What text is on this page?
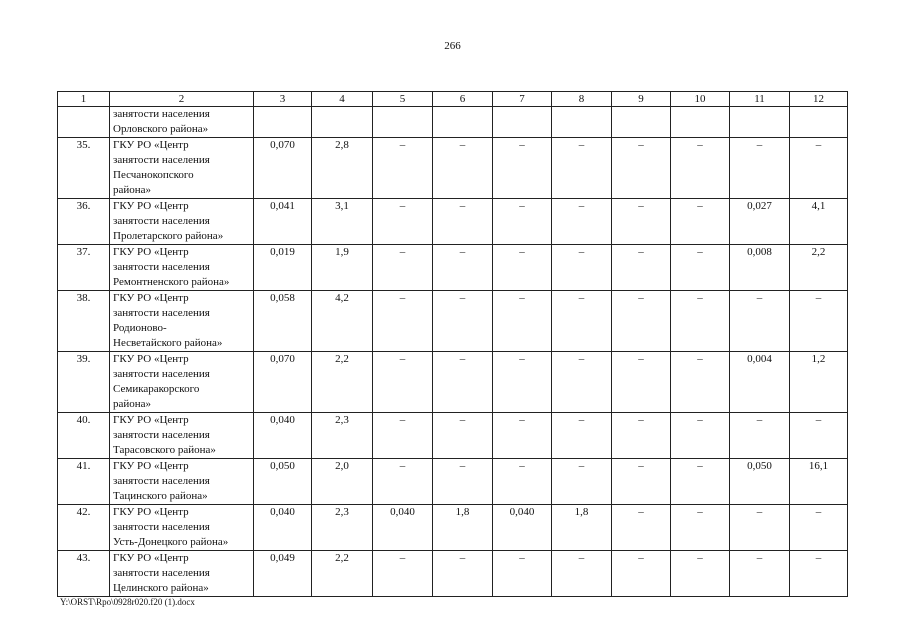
266
1	2	3	4	5	6	7	8	9	10	11	12
	занятости населения
Орловского района»										
35.	ГКУ РО «Центр
занятости населения
Песчанокопского
района»	0,070	2,8	–	–	–	–	–	–	–	–
36.	ГКУ РО «Центр
занятости населения
Пролетарского района»	0,041	3,1	–	–	–	–	–	–	0,027	4,1
37.	ГКУ РО «Центр
занятости населения
Ремонтненского района»	0,019	1,9	–	–	–	–	–	–	0,008	2,2
38.	ГКУ РО «Центр
занятости населения
Родионово-
Несветайского района»	0,058	4,2	–	–	–	–	–	–	–	–
39.	ГКУ РО «Центр
занятости населения
Семикаракорского
района»	0,070	2,2	–	–	–	–	–	–	0,004	1,2
40.	ГКУ РО «Центр
занятости населения
Тарасовского района»	0,040	2,3	–	–	–	–	–	–	–	–
41.	ГКУ РО «Центр
занятости населения
Тацинского района»	0,050	2,0	–	–	–	–	–	–	0,050	16,1
42.	ГКУ РО «Центр
занятости населения
Усть-Донецкого района»	0,040	2,3	0,040	1,8	0,040	1,8	–	–	–	–
43.	ГКУ РО «Центр
занятости населения
Целинского района»	0,049	2,2	–	–	–	–	–	–	–	–
Y:\ORST\Rpo\0928r020.f20 (1).docx
